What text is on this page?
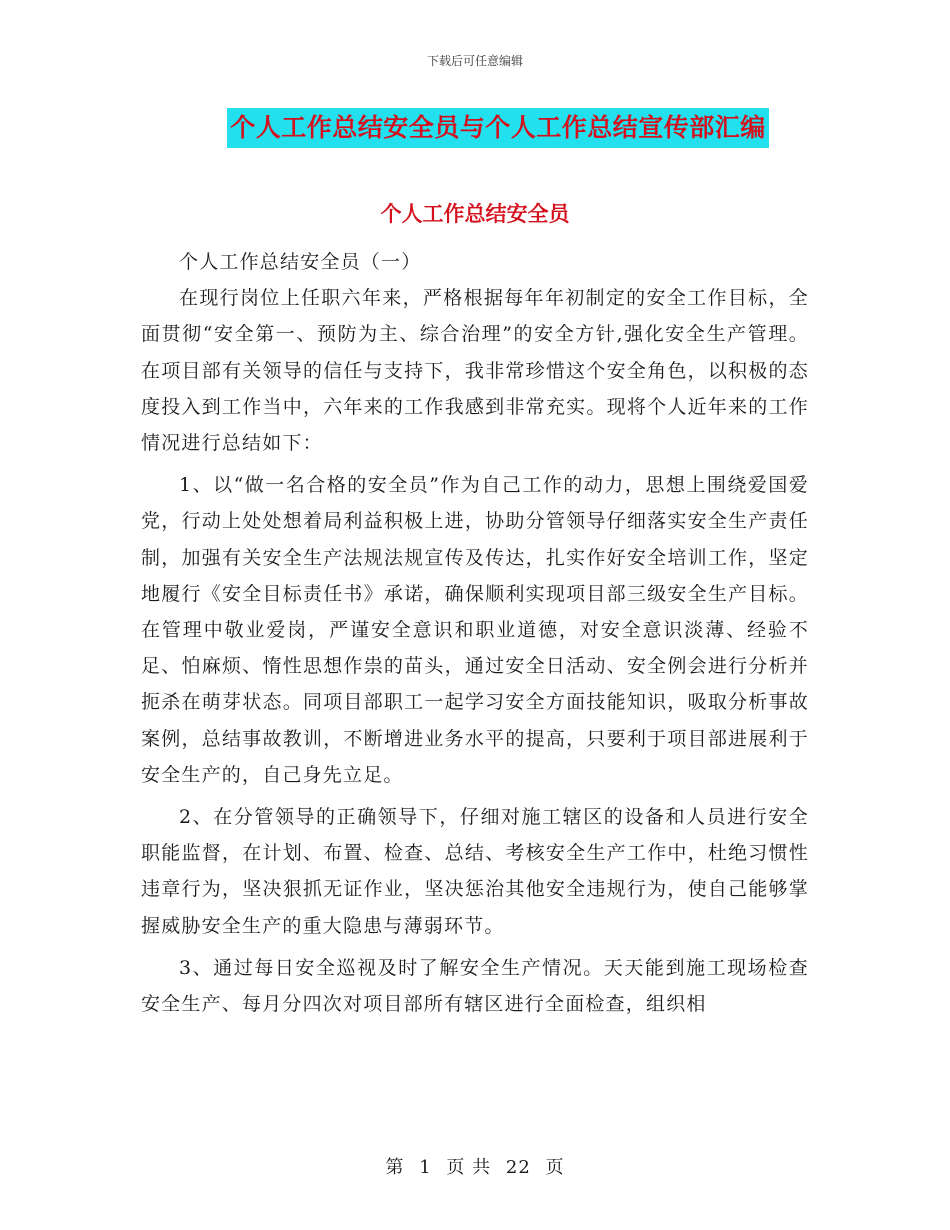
下载后可任意编辑
个人工作总结安全员与个人工作总结宣传部汇编
个人工作总结安全员

个人工作总结安全员（一）

在现行岗位上任职六年来，严格根据每年年初制定的安全工作目标，全面贯彻“安全第一、预防为主、综合治理”的安全方针,强化安全生产管理。在项目部有关领导的信任与支持下，我非常珍惜这个安全角色，以积极的态度投入到工作当中，六年来的工作我感到非常充实。现将个人近年来的工作情况进行总结如下：

1、以“做一名合格的安全员”作为自己工作的动力，思想上围绕爱国爱党，行动上处处想着局利益积极上进，协助分管领导仔细落实安全生产责任制，加强有关安全生产法规法规宣传及传达，扎实作好安全培训工作，坚定地履行《安全目标责任书》承诺，确保顺利实现项目部三级安全生产目标。在管理中敬业爱岗，严谨安全意识和职业道德，对安全意识淡薄、经验不足、怕麻烦、惰性思想作祟的苗头，通过安全日活动、安全例会进行分析并扼杀在萌芽状态。同项目部职工一起学习安全方面技能知识，吸取分析事故案例，总结事故教训，不断增进业务水平的提高，只要利于项目部进展利于安全生产的，自己身先立足。

2、在分管领导的正确领导下，仔细对施工辖区的设备和人员进行安全职能监督，在计划、布置、检查、总结、考核安全生产工作中，杜绝习惯性违章行为，坚决狠抓无证作业，坚决惩治其他安全违规行为，使自己能够掌握威胁安全生产的重大隐患与薄弱环节。

3、通过每日安全巡视及时了解安全生产情况。天天能到施工现场检查安全生产、每月分四次对项目部所有辖区进行全面检查，组织相

第 1 页 共 22 页
